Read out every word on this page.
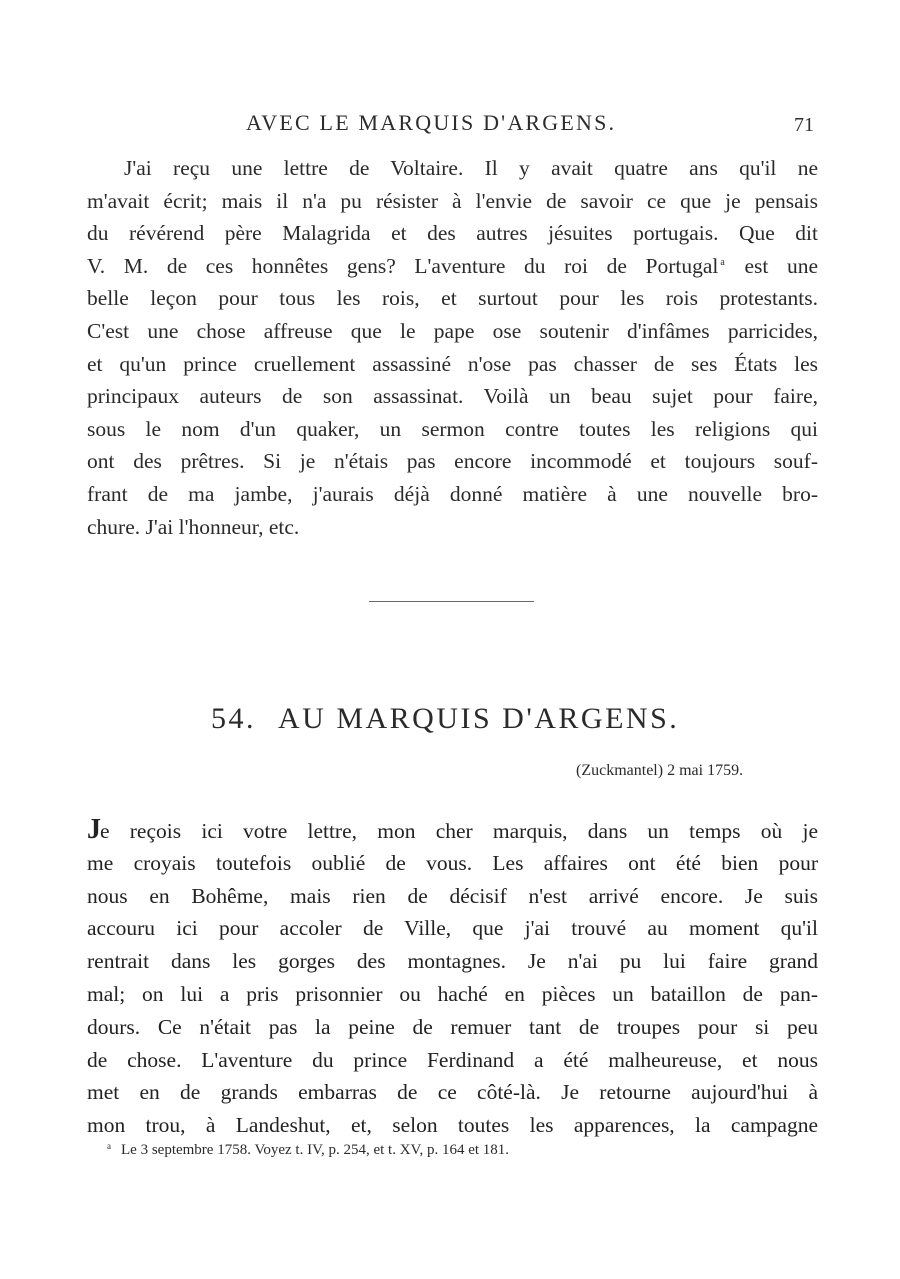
AVEC LE MARQUIS D'ARGENS.	71
J'ai reçu une lettre de Voltaire. Il y avait quatre ans qu'il ne
m'avait écrit; mais il n'a pu résister à l'envie de savoir ce que je pensais
du révérend père Malagrida et des autres jésuites portugais. Que dit
V. M. de ces honnêtes gens? L'aventure du roi de Portugal $^a$ est une
belle leçon pour tous les rois, et surtout pour les rois protestants.
C'est une chose affreuse que le pape ose soutenir d'infâmes parricides,
et qu'un prince cruellement assassiné n'ose pas chasser de ses États les
principaux auteurs de son assassinat. Voilà un beau sujet pour faire,
sous le nom d'un quaker, un sermon contre toutes les religions qui
ont des prêtres. Si je n'étais pas encore incommodé et toujours souf-
frant de ma jambe, j'aurais déjà donné matière à une nouvelle bro-
chure. J'ai l'honneur, etc.
54. AU MARQUIS D'ARGENS.
(Zuckmantel) 2 mai 1759.
Je reçois ici votre lettre, mon cher marquis, dans un temps où je
me croyais toutefois oublié de vous. Les affaires ont été bien pour
nous en Bohême, mais rien de décisif n'est arrivé encore. Je suis
accouru ici pour accoler de Ville, que j'ai trouvé au moment qu'il
rentrait dans les gorges des montagnes. Je n'ai pu lui faire grand
mal; on lui a pris prisonnier ou haché en pièces un bataillon de pan-
dours. Ce n'était pas la peine de remuer tant de troupes pour si peu
de chose. L'aventure du prince Ferdinand a été malheureuse, et nous
met en de grands embarras de ce côté-là. Je retourne aujourd'hui à
mon trou, à Landeshut, et, selon toutes les apparences, la campagne
$^a$ Le 3 septembre 1758. Voyez t. IV, p. 254, et t. XV, p. 164 et 181.
